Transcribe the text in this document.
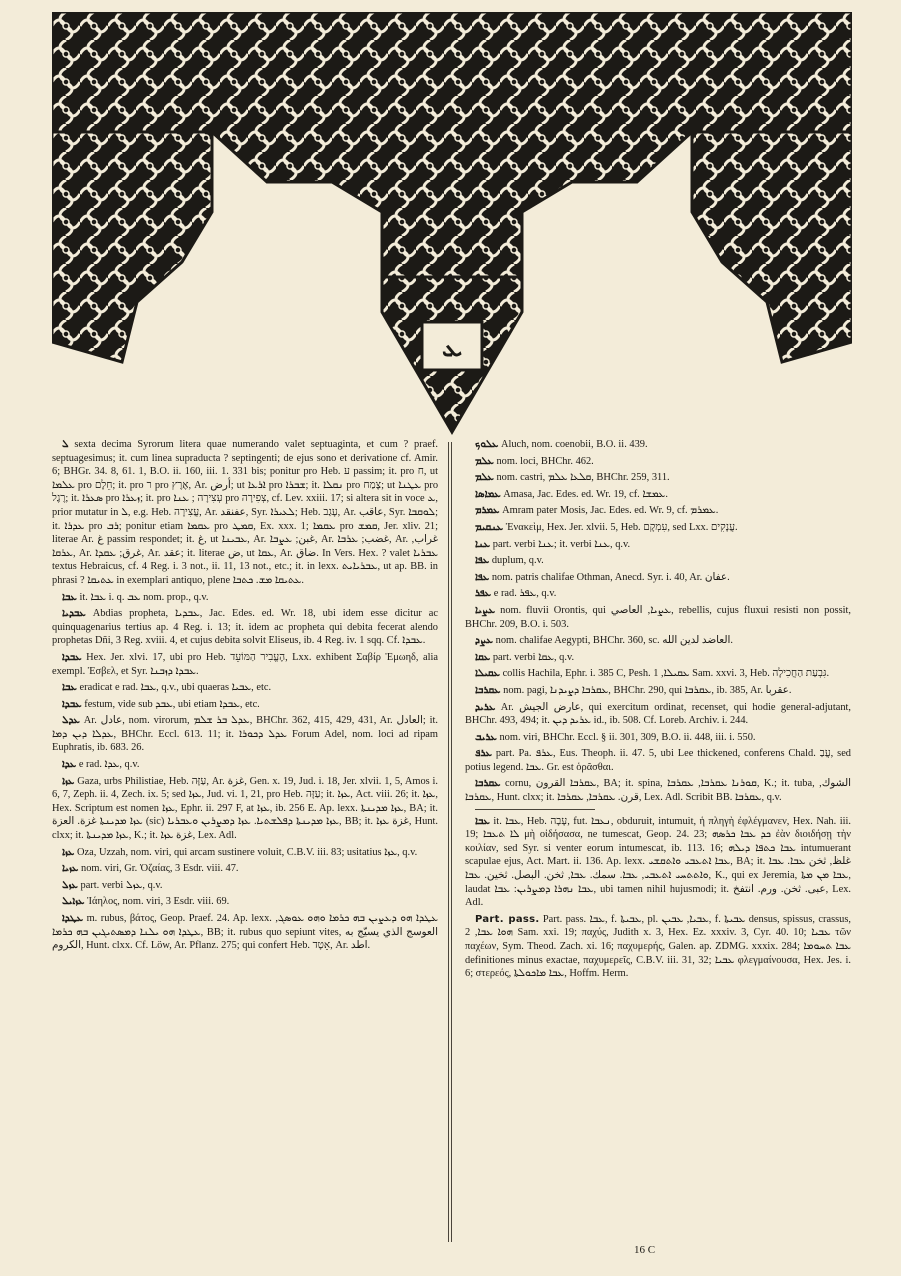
ܥ

ܠ sexta decima Syrorum litera quae numerando valet septuaginta, et cum ? praef. septuagesimus; it. cum linea supraducta ? septingenti; de ejus sono et derivatione cf. Amir. 6; BHGr. 34. 8, 61. 1, B.O. ii. 160, iii. 1. 331 bis; ponitur pro Heb. ע passim; it. pro ח, ut ܥܠܡܐ pro חֵלֶם; it. pro ר pro אֶרֶץ, Ar. أرض; ut ܐܪܥܐ pro ܫܒܪܐ; it. ܢܩܠܐ pro צֶמַח; ut ܥܛܢܐ pro רֶגֶל; it. ܣܥܪܐ pro ܙܥܪܐ; it. pro עְצִירָה ; ܥܢܐ pro צְפִירָה, cf. Lev. xxiii. 17; si altera sit in voce ܥ, prior mutatur in ܠ, e.g. Heb. עֲצִירָה, Ar. عفنقد, Syr. ܠܥܝܪܐ; Heb. עָגַב, Ar. عاقب, Syr. ܠܘܩܒܐ; it. ܥܕܪܐ pro ܪܒ; ponitur etiam ܥܩܡܐ pro ܩܡܛ, Ex. xxx. 1; ܥܩܡܐ pro ܩܡܫ, Jer. xliv. 21; literae Ar. غ passim respondet; it. غ, ut ܥܒܝܢܐ, Ar. غبن; ܥܨܒܐ, Ar. غضب; ܥܪܒܐ, Ar. غراب, ܥܪܩܐ, Ar. غرق; ܥܩܕܐ, Ar. عقد; it. literae ض, ut ܥܩܐ, Ar. ضاق. In Vers. Hex. ? valet ܥܒܪܝܐ textus Hebraicus, cf. 4 Reg. i. 3 not., ii. 11, 13 not., etc.; it. in lexx. ܥܒܪܝܐܝܬ, ut ap. BB. in phrasi ? ܥܬܝܩܐ in exemplari antiquo, plene ܥܬܝܩܐ ܡܫ. ܟܬܒܐ.

ܥܒܐ it. ܥܒܐ i. q. ܥܒ nom. prop., q.v.

ܥܒܕܝܐ Abdias propheta, ܥܒܕܝܐ, Jac. Edes. ed. Wr. 18, ubi idem esse dicitur ac quinquagenarius tertius ap. 4 Reg. i. 13; it. idem ac propheta qui debita fecerat alendo prophetas Dñi, 3 Reg. xviii. 4, et cujus debita solvit Eliseus, ib. 4 Reg. iv. 1 sqq. Cf. ܥܒܕܐ.

ܥܒܕܐ Hex. Jer. xlvi. 17, ubi pro Heb. הֶעֱבִיר הַמּוֹעֵד, Lxx. exhibent Σαβίρ Ἐμωηδ, alia exempl. Ἐσβελ, et Syr. ܥܒܕܐ ܕܙܒܢܐ.

ܥܒܐ eradicat e rad. ܥܒܐ, q.v., ubi quaeras ܥܒܝܐ, etc.

ܥܒܕܐ festum, vide sub ܥܒܕ, ubi etiam ܥܒܕܐ, etc.

ܥܕܠ Ar. عادل, nom. virorum, ܥܕܠ ܒܪ ܫܠܡ, BHChr. 362, 415, 429, 431, Ar. العادل; it. ܥܕܠܐ ܕܝܢ ܕܡܐ, BHChr. Eccl. 613. 11; it. ܥܕܠ ܕܟܘܪܐ Forum Adel, nom. loci ad ripam Euphratis, ib. 683. 26.

ܥܕܐ e rad. ܥܕܐ, q.v.

ܥܙܐ Gaza, urbs Philistiae, Heb. עַזָּה, Ar. غزة, Gen. x. 19, Jud. i. 18, Jer. xlvii. 1, 5, Amos i. 6, 7, Zeph. ii. 4, Zech. ix. 5; sed ܥܙܐ, Jud. vi. 1, 21, pro Heb. עַזָּה; it. ܥܙܐ, Act. viii. 26; it. ܥܙܐ, Hex. Scriptum est nomen ܥܙܐ, Ephr. ii. 297 F, at ܥܙܐ, ib. 256 E. Ap. lexx. ܥܙܐ ܡܕܝܢܬܐ, BA; it. ܥܙܐ ܡܕܝܢܬܐ غزة. العزة (sic) ܥܙܐ ܡܕܝܢܬܐ ܕܦܠܫܬܝܐ. ܥܙܐ ܕܡܨܪܝܢ ܘܥܒܪܝܐ, BB; it. غزة ܥܙܐ, Hunt. clxx; it. ܥܙܐ ܡܕܝܢܬܐ, K.; it. غزة ܥܙܐ, Lex. Adl.

ܥܙܐ Oza, Uzzah, nom. viri, qui arcam sustinere voluit, C.B.V. iii. 83; usitatius ܥܙܐ, q.v.

ܥܙܝܐ nom. viri, Gr. Ὀζαίας, 3 Esdr. viii. 47.

ܥܙܠ part. verbi ܥܙܠ, q.v.

ܥܙܐܝܠ Ἰάηλος, nom. viri, 3 Esdr. viii. 69.

ܥܛܕܐ m. rubus, βάτος, Geop. Praef. 24. Ap. lexx. ܥܛܕܐ ܗܘ ܕܥܨܝܢ ܒܗ ܟܪܡܐ ܘܗܘ ܥܘܣܓ, ܥܛܕܐ ܗܘ ܝܠܢܐ ܕܡܣܬܝܓܝܢ ܒܗ ܟܪܡܐ, BB; it. rubus quo sepiunt vites, العوسج الذي يسيّج به الكروم, Hunt. clxx. Cf. Löw, Ar. Pflanz. 275; qui confert Heb. אָטָד, Ar. اطد.

ܥܠܘܟ Aluch, nom. coenobii, B.O. ii. 439.

ܥܠܡ nom. loci, BHChr. 462.

ܥܠܡ nom. castri, ܩܠܥܐ ܥܠܡ, BHChr. 259, 311.

ܥܡܐܣܐ Amasa, Jac. Edes. ed. Wr. 19, cf. ܥܡܫܐ.

ܥܡܪܡ Amram pater Mosis, Jac. Edes. ed. Wr. 9, cf. ܥܡܪܡ.

ܥܢܩܝܡ Ἐνακεὶμ, Hex. Jer. xlvii. 5, Heb. עִמְקָם, sed Lxx. עֲנָקִים.

ܥܢܐ part. verbi ܥܢܐ; it. verbi ܥܢܐ, q.v.

ܥܦܐ duplum, q.v.

ܥܦܐ nom. patris chalifae Othman, Anecd. Syr. i. 40, Ar. عفان.

ܥܦܪ e rad. ܥܦܪ, q.v.

ܥܨܝܐ nom. fluvii Orontis, qui ܥܨܝܐ, العاصي, rebellis, cujus fluxui resisti non possit, BHChr. 209, B.O. i. 503.

ܥܨܕ nom. chalifae Aegypti, BHChr. 360, sc. العاضد لدين الله.

ܥܩܐ part. verbi ܥܩܐ, q.v.

ܥܩܝܠܐ collis Hachila, Ephr. i. 385 C, Pesh. ܥܩܝܠܐ, 1 Sam. xxvi. 3, Heb. גִּבְעַת הַחֲכִילָה.

ܥܩܪܒܐ nom. pagi, ܥܩܪܒܐ ܕܨܝܕܢܐ, BHChr. 290, qui ܥܩܪܒܐ, ib. 385, Ar. عقربا.

ܥܪܝܕ Ar. عارض الجيش, qui exercitum ordinat, recenset, qui hodie general-adjutant, BHChr. 493, 494; it. ܥܪܝܕ ܕܝܢ id., ib. 508. Cf. Loreb. Archiv. i. 244.

ܥܪܝܒ nom. viri, BHChr. Eccl. § ii. 301, 309, B.O. ii. 448, iii. i. 550.

ܥܪܦ part. Pa. ܥܪܦ, Eus. Theoph. ii. 47. 5, ubi Lee thickened, conferens Chald. עֲבַ, sed potius legend. ܥܒܐ. Gr. est ὁρᾶσθαι.

ܥܩܪܒܐ cornu, ܥܩܪܒܐ القرون, BA; it. spina, ܩܘܪܢܐ ܥܩܪܒܐ, ܥܩܪܒܐ, K.; it. tuba, الشوك, ܥܩܪܒܐ, Hunt. clxx; it. قرن. ܥܩܪܒܐ, ܥܩܪܒܐ, Lex. Adl. Scribit BB. ܥܩܪܒܐ, q.v.

ܥܒܐ it. ܥܒܐ, Heb. עָבָה, fut. ܢܥܒܐ, obduruit, intumuit, ἡ πληγὴ ἐφλέγμανεν, Hex. Nah. iii. 19; ܠܐ ܬܥܒܐ μὴ οἰδήσασα, ne tumescat, Geop. 24. 23; ܟܕ ܥܒܐ ܟܪܣܗ ἐὰν διοιδήσῃ τὴν κοιλίαν, sed Syr. si venter eorum intumescat, ib. 113. 16; ܥܒܐ ܟܬܦܐ ܕܝܠܗ intumuerant scapulae ejus, Act. Mart. ii. 136. Ap. lexx. ܥܒܐ ܐܬܥܒܝ ܘܐܬܩܫܝ, BA; it. غلظ, ثخن ܥܒܐ. ܥܒܐ ܘܐܬܬܚܝ ܐܬܥܒܝ, ܥܒܐ. سمك. ܥܒܐ, ثخن. البصل. ثخين. ܥܒܐ, K., qui ex Jeremia, ܥܒܐ ܡܢ ܡܬܐ, laudat ܥܒܐ ܢܗܪܐ ܕܡܨܪܝܢ: ܥܒܐ, ubi tamen nihil hujusmodi; it. عبى. ثخن. ورم. انتفخ, Lex. Adl.

Part. pass. Part. pass. ܥܒܐ, f. ܥܒܝܬܐ, pl. ܥܒܝܐ, ܥܒܝܢ, f. ܥܒܝܬܐ densus, spissus, crassus, ܗܘܐ ܥܒܐ, 2 Sam. xxi. 19; παχύς, Judith x. 3, Hex. Ez. xxxiv. 3, Cyr. 40. 10; ܥܒܝܐ τῶν παχέων, Sym. Theod. Zach. xi. 16; παχυμερής, Galen. ap. ZDMG. xxxix. 284; ܥܒܐ ܬܚܘܡܐ definitiones minus exactae, παχυμερεῖς, C.B.V. iii. 31, 32; ܥܒܝܐ φλεγμαίνουσα, Hex. Jes. i. 6; στερεός, ܥܒܐ ܡܐܟܘܠܬܐ, Hoffm. Herm.

16 C
